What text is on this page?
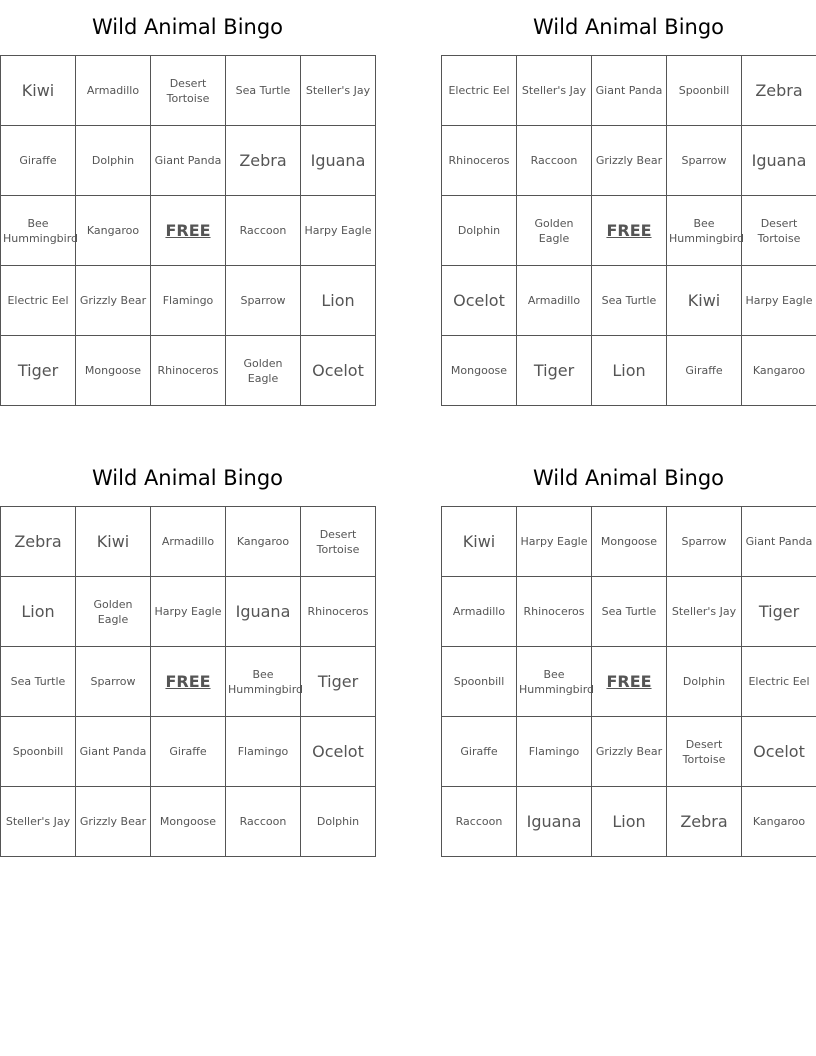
Wild Animal Bingo
Kiwi	Armadillo	Desert Tortoise	Sea Turtle	Steller's Jay
Giraffe	Dolphin	Giant Panda	Zebra	Iguana
Bee Hummingbird	Kangaroo	FREE	Raccoon	Harpy Eagle
Electric Eel	Grizzly Bear	Flamingo	Sparrow	Lion
Tiger	Mongoose	Rhinoceros	Golden Eagle	Ocelot
Wild Animal Bingo
Electric Eel	Steller's Jay	Giant Panda	Spoonbill	Zebra
Rhinoceros	Raccoon	Grizzly Bear	Sparrow	Iguana
Dolphin	Golden Eagle	FREE	Bee Hummingbird	Desert Tortoise
Ocelot	Armadillo	Sea Turtle	Kiwi	Harpy Eagle
Mongoose	Tiger	Lion	Giraffe	Kangaroo
Wild Animal Bingo
Zebra	Kiwi	Armadillo	Kangaroo	Desert Tortoise
Lion	Golden Eagle	Harpy Eagle	Iguana	Rhinoceros
Sea Turtle	Sparrow	FREE	Bee Hummingbird	Tiger
Spoonbill	Giant Panda	Giraffe	Flamingo	Ocelot
Steller's Jay	Grizzly Bear	Mongoose	Raccoon	Dolphin
Wild Animal Bingo
Kiwi	Harpy Eagle	Mongoose	Sparrow	Giant Panda
Armadillo	Rhinoceros	Sea Turtle	Steller's Jay	Tiger
Spoonbill	Bee Hummingbird	FREE	Dolphin	Electric Eel
Giraffe	Flamingo	Grizzly Bear	Desert Tortoise	Ocelot
Raccoon	Iguana	Lion	Zebra	Kangaroo
